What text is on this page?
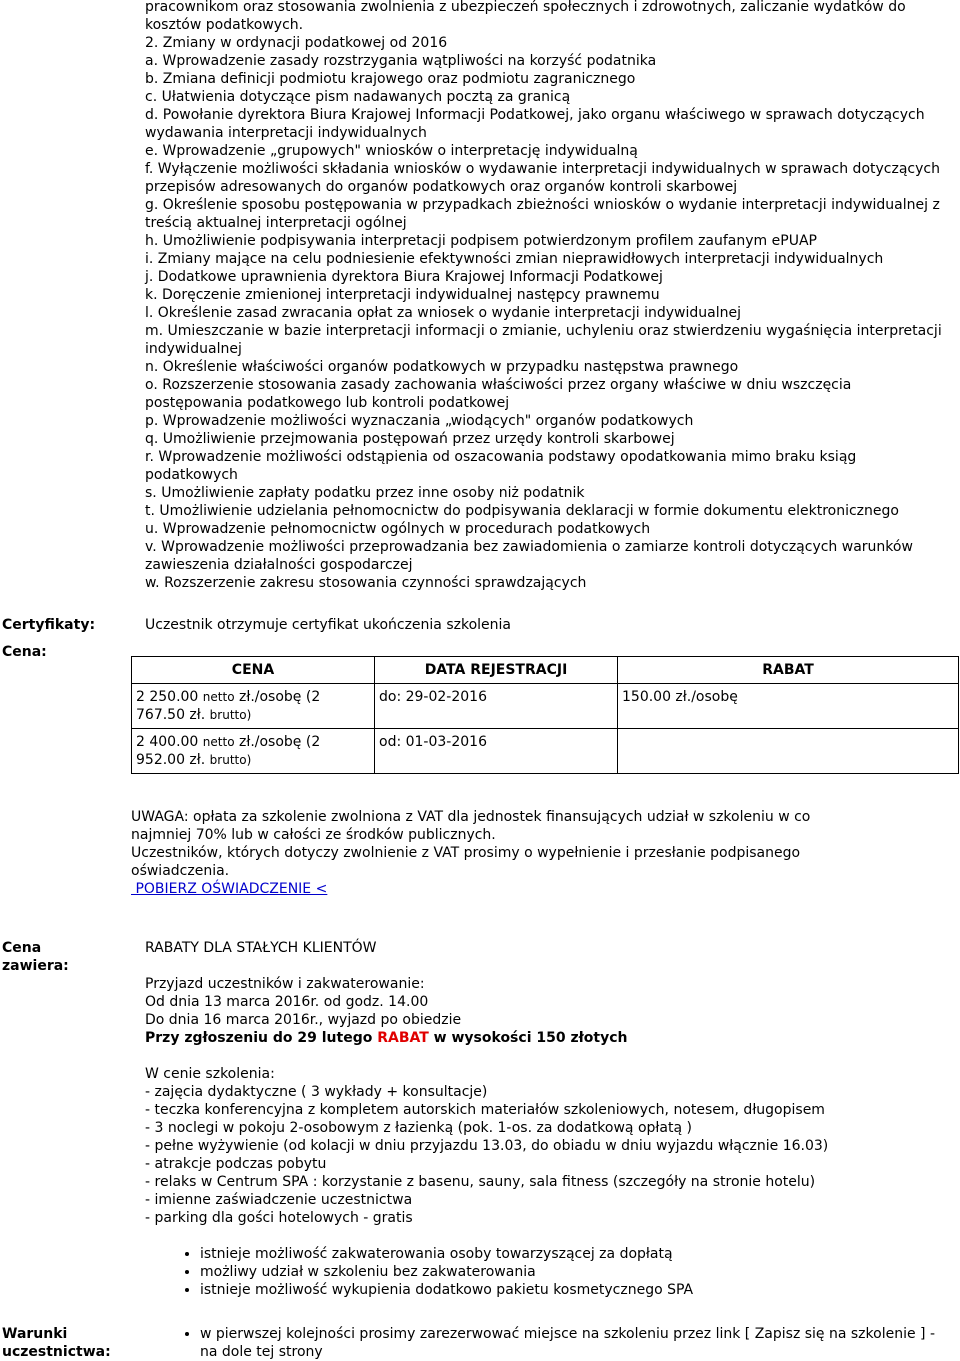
pracownikom oraz stosowania zwolnienia z ubezpieczeń społecznych i zdrowotnych, zaliczanie wydatków do
kosztów podatkowych.
2. Zmiany w ordynacji podatkowej od 2016
a. Wprowadzenie zasady rozstrzygania wątpliwości na korzyść podatnika
b. Zmiana definicji podmiotu krajowego oraz podmiotu zagranicznego
c. Ułatwienia dotyczące pism nadawanych pocztą za granicą
d. Powołanie dyrektora Biura Krajowej Informacji Podatkowej, jako organu właściwego w sprawach dotyczących
wydawania interpretacji indywidualnych
e. Wprowadzenie „grupowych" wniosków o interpretację indywidualną
f. Wyłączenie możliwości składania wniosków o wydawanie interpretacji indywidualnych w sprawach dotyczących
przepisów adresowanych do organów podatkowych oraz organów kontroli skarbowej
g. Określenie sposobu postępowania w przypadkach zbieżności wniosków o wydanie interpretacji indywidualnej z
treścią aktualnej interpretacji ogólnej
h. Umożliwienie podpisywania interpretacji podpisem potwierdzonym profilem zaufanym ePUAP
i. Zmiany mające na celu podniesienie efektywności zmian nieprawidłowych interpretacji indywidualnych
j. Dodatkowe uprawnienia dyrektora Biura Krajowej Informacji Podatkowej
k. Doręczenie zmienionej interpretacji indywidualnej następcy prawnemu
l. Określenie zasad zwracania opłat za wniosek o wydanie interpretacji indywidualnej
m. Umieszczanie w bazie interpretacji informacji o zmianie, uchyleniu oraz stwierdzeniu wygaśnięcia interpretacji
indywidualnej
n. Określenie właściwości organów podatkowych w przypadku następstwa prawnego
o. Rozszerzenie stosowania zasady zachowania właściwości przez organy właściwe w dniu wszczęcia
postępowania podatkowego lub kontroli podatkowej
p. Wprowadzenie możliwości wyznaczania „wiodących" organów podatkowych
q. Umożliwienie przejmowania postępowań przez urzędy kontroli skarbowej
r. Wprowadzenie możliwości odstąpienia od oszacowania podstawy opodatkowania mimo braku ksiąg
podatkowych
s. Umożliwienie zapłaty podatku przez inne osoby niż podatnik
t. Umożliwienie udzielania pełnomocnictw do podpisywania deklaracji w formie dokumentu elektronicznego
u. Wprowadzenie pełnomocnictw ogólnych w procedurach podatkowych
v. Wprowadzenie możliwości przeprowadzania bez zawiadomienia o zamiarze kontroli dotyczących warunków
zawieszenia działalności gospodarczej
w. Rozszerzenie zakresu stosowania czynności sprawdzających
Certyfikaty:	Uczestnik otrzymuje certyfikat ukończenia szkolenia
Cena:
CENA	DATA REJESTRACJI	RABAT
2 250.00 netto zł./osobę (2
767.50 zł. brutto)	do: 29-02-2016	150.00 zł./osobę
2 400.00 netto zł./osobę (2
952.00 zł. brutto)	od: 01-03-2016	
UWAGA: opłata za szkolenie zwolniona z VAT dla jednostek finansujących udział w szkoleniu w co
najmniej 70% lub w całości ze środków publicznych.
Uczestników, których dotyczy zwolnienie z VAT prosimy o wypełnienie i przesłanie podpisanego
oświadczenia.
POBIERZ OŚWIADCZENIE <
Cena
zawiera:
RABATY DLA STAŁYCH KLIENTÓW
Przyjazd uczestników i zakwaterowanie:
Od dnia 13 marca 2016r. od godz. 14.00
Do dnia 16 marca 2016r., wyjazd po obiedzie
Przy zgłoszeniu do 29 lutego RABAT w wysokości 150 złotych
W cenie szkolenia:
- zajęcia dydaktyczne ( 3 wykłady + konsultacje)
- teczka konferencyjna z kompletem autorskich materiałów szkoleniowych, notesem, długopisem
- 3 noclegi w pokoju 2-osobowym z łazienką (pok. 1-os. za dodatkową opłatą )
- pełne wyżywienie (od kolacji w dniu przyjazdu 13.03, do obiadu w dniu wyjazdu włącznie 16.03)
- atrakcje podczas pobytu
- relaks w Centrum SPA : korzystanie z basenu, sauny, sala fitness (szczegóły na stronie hotelu)
- imienne zaświadczenie uczestnictwa
- parking dla gości hotelowych - gratis
• istnieje możliwość zakwaterowania osoby towarzyszącej za dopłatą
• możliwy udział w szkoleniu bez zakwaterowania
• istnieje możliwość wykupienia dodatkowo pakietu kosmetycznego SPA
Warunki
uczestnictwa:
• w pierwszej kolejności prosimy zarezerwować miejsce na szkoleniu przez link [ Zapisz się na szkolenie ] -
na dole tej strony
